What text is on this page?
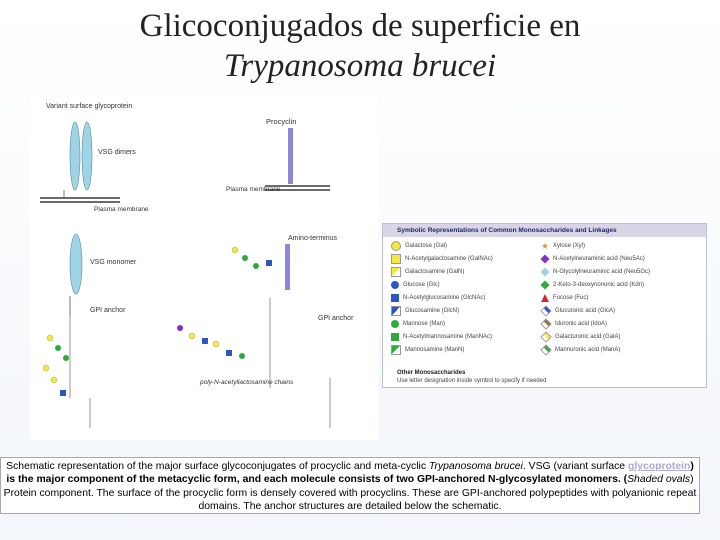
Glicoconjugados de superficie en
Trypanosoma brucei
Variant surface glycoprotein
VSG dimers
Plasma membrane
Procyclin
Plasma membrane
VSG monomer
GPI anchor
Amino-terminus
GPI anchor
poly-N-acetyllactosamine chains
Symbolic Representations of Common Monosaccharides and Linkages
Galactose (Gal)
N-Acetylgalactosamine (GalNAc)
Galactosamine (GalN)
Glucose (Glc)
N-Acetylglucosamine (GlcNAc)
Glucosamine (GlcN)
Mannose (Man)
N-Acetylmannosamine (ManNAc)
Mannosamine (ManN)
★ Xylose (Xyl)
N-Acetylneuraminic acid (Neu5Ac)
N-Glycolylneuraminic acid (Neu5Gc)
2-Keto-3-deoxynononic acid (Kdn)
Fucose (Fuc)
Glucuronic acid (GlcA)
Iduronic acid (IdoA)
Galacturonic acid (GalA)
Mannuronic acid (ManA)
Other Monosaccharides
Use letter designation inside symbol to specify if needed
Schematic representation of the major surface glycoconjugates of procyclic and meta-cyclic Trypanosoma brucei. VSG (variant surface glycoprotein) is the major component of the metacyclic form, and each molecule consists of two GPI-anchored N-glycosylated monomers. (Shaded ovals) Protein component. The surface of the procyclic form is densely covered with procyclins. These are GPI-anchored polypeptides with polyanionic repeat domains. The anchor structures are detailed below the schematic.
